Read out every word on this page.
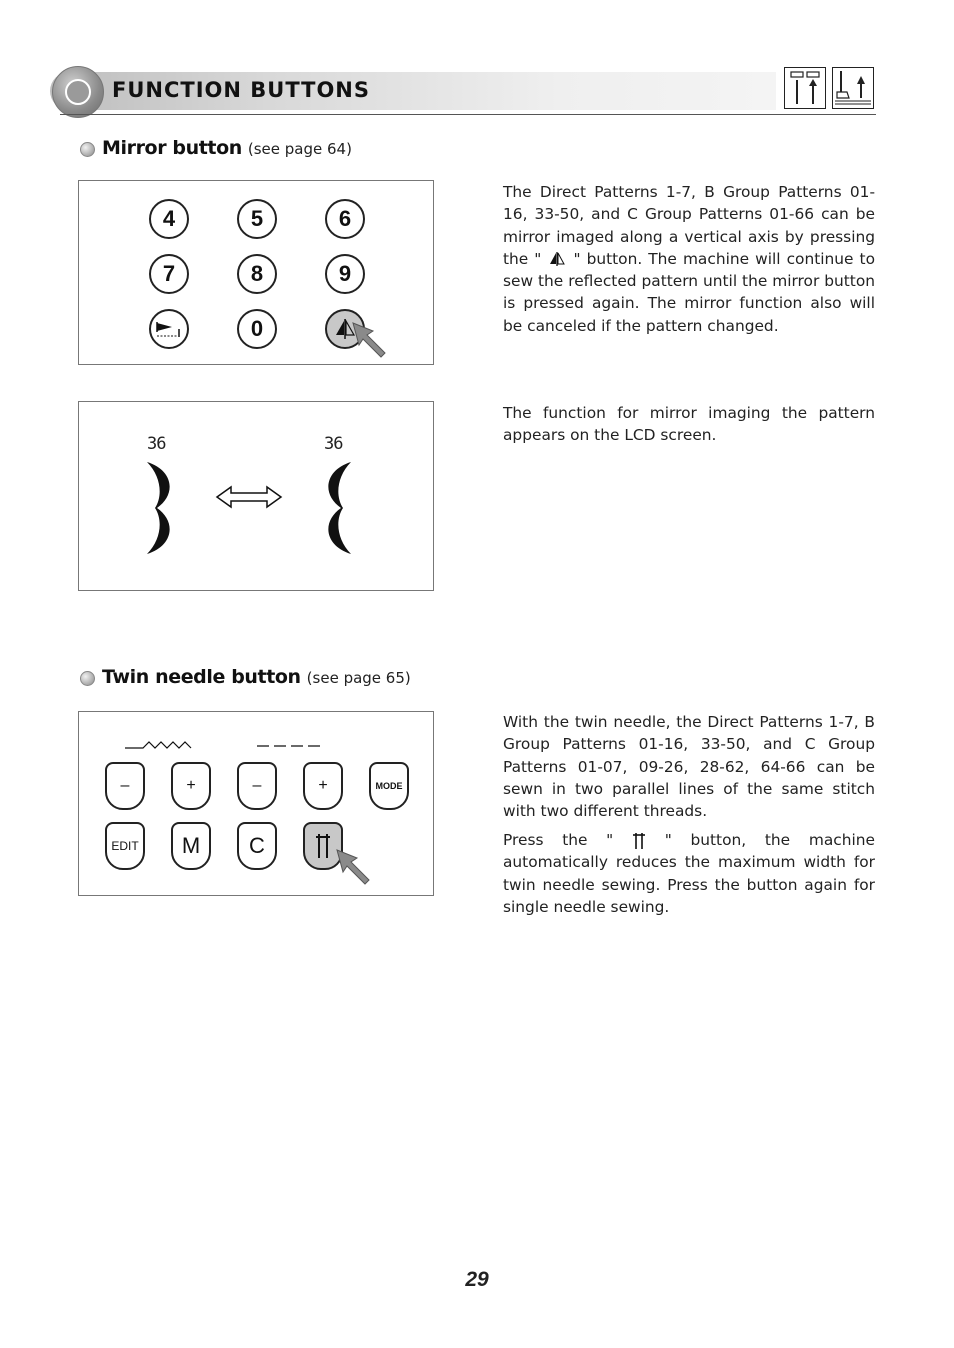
FUNCTION BUTTONS
Mirror button (see page 64)
4	5	6
7	8	9
0
36	36
The Direct Patterns 1-7, B Group Patterns 01-16, 33-50, and C Group Patterns 01-66 can be mirror imaged along a vertical axis by pressing the " " button. The machine will continue to sew the reflected pattern until the mirror button is pressed again. The mirror function also will be canceled if the pattern changed.
The function for mirror imaging the pattern appears on the LCD screen.
Twin needle button (see page 65)
–	+	–	+	MODE
EDIT	M	C
With the twin needle, the Direct Patterns 1-7, B Group Patterns 01-16, 33-50, and C Group Patterns 01-07, 09-26, 28-62, 64-66 can be sewn in two parallel lines of the same stitch with two different threads.
Press the "	" button, the machine automatically reduces the maximum width for twin needle sewing. Press the button again for single needle sewing.
29
